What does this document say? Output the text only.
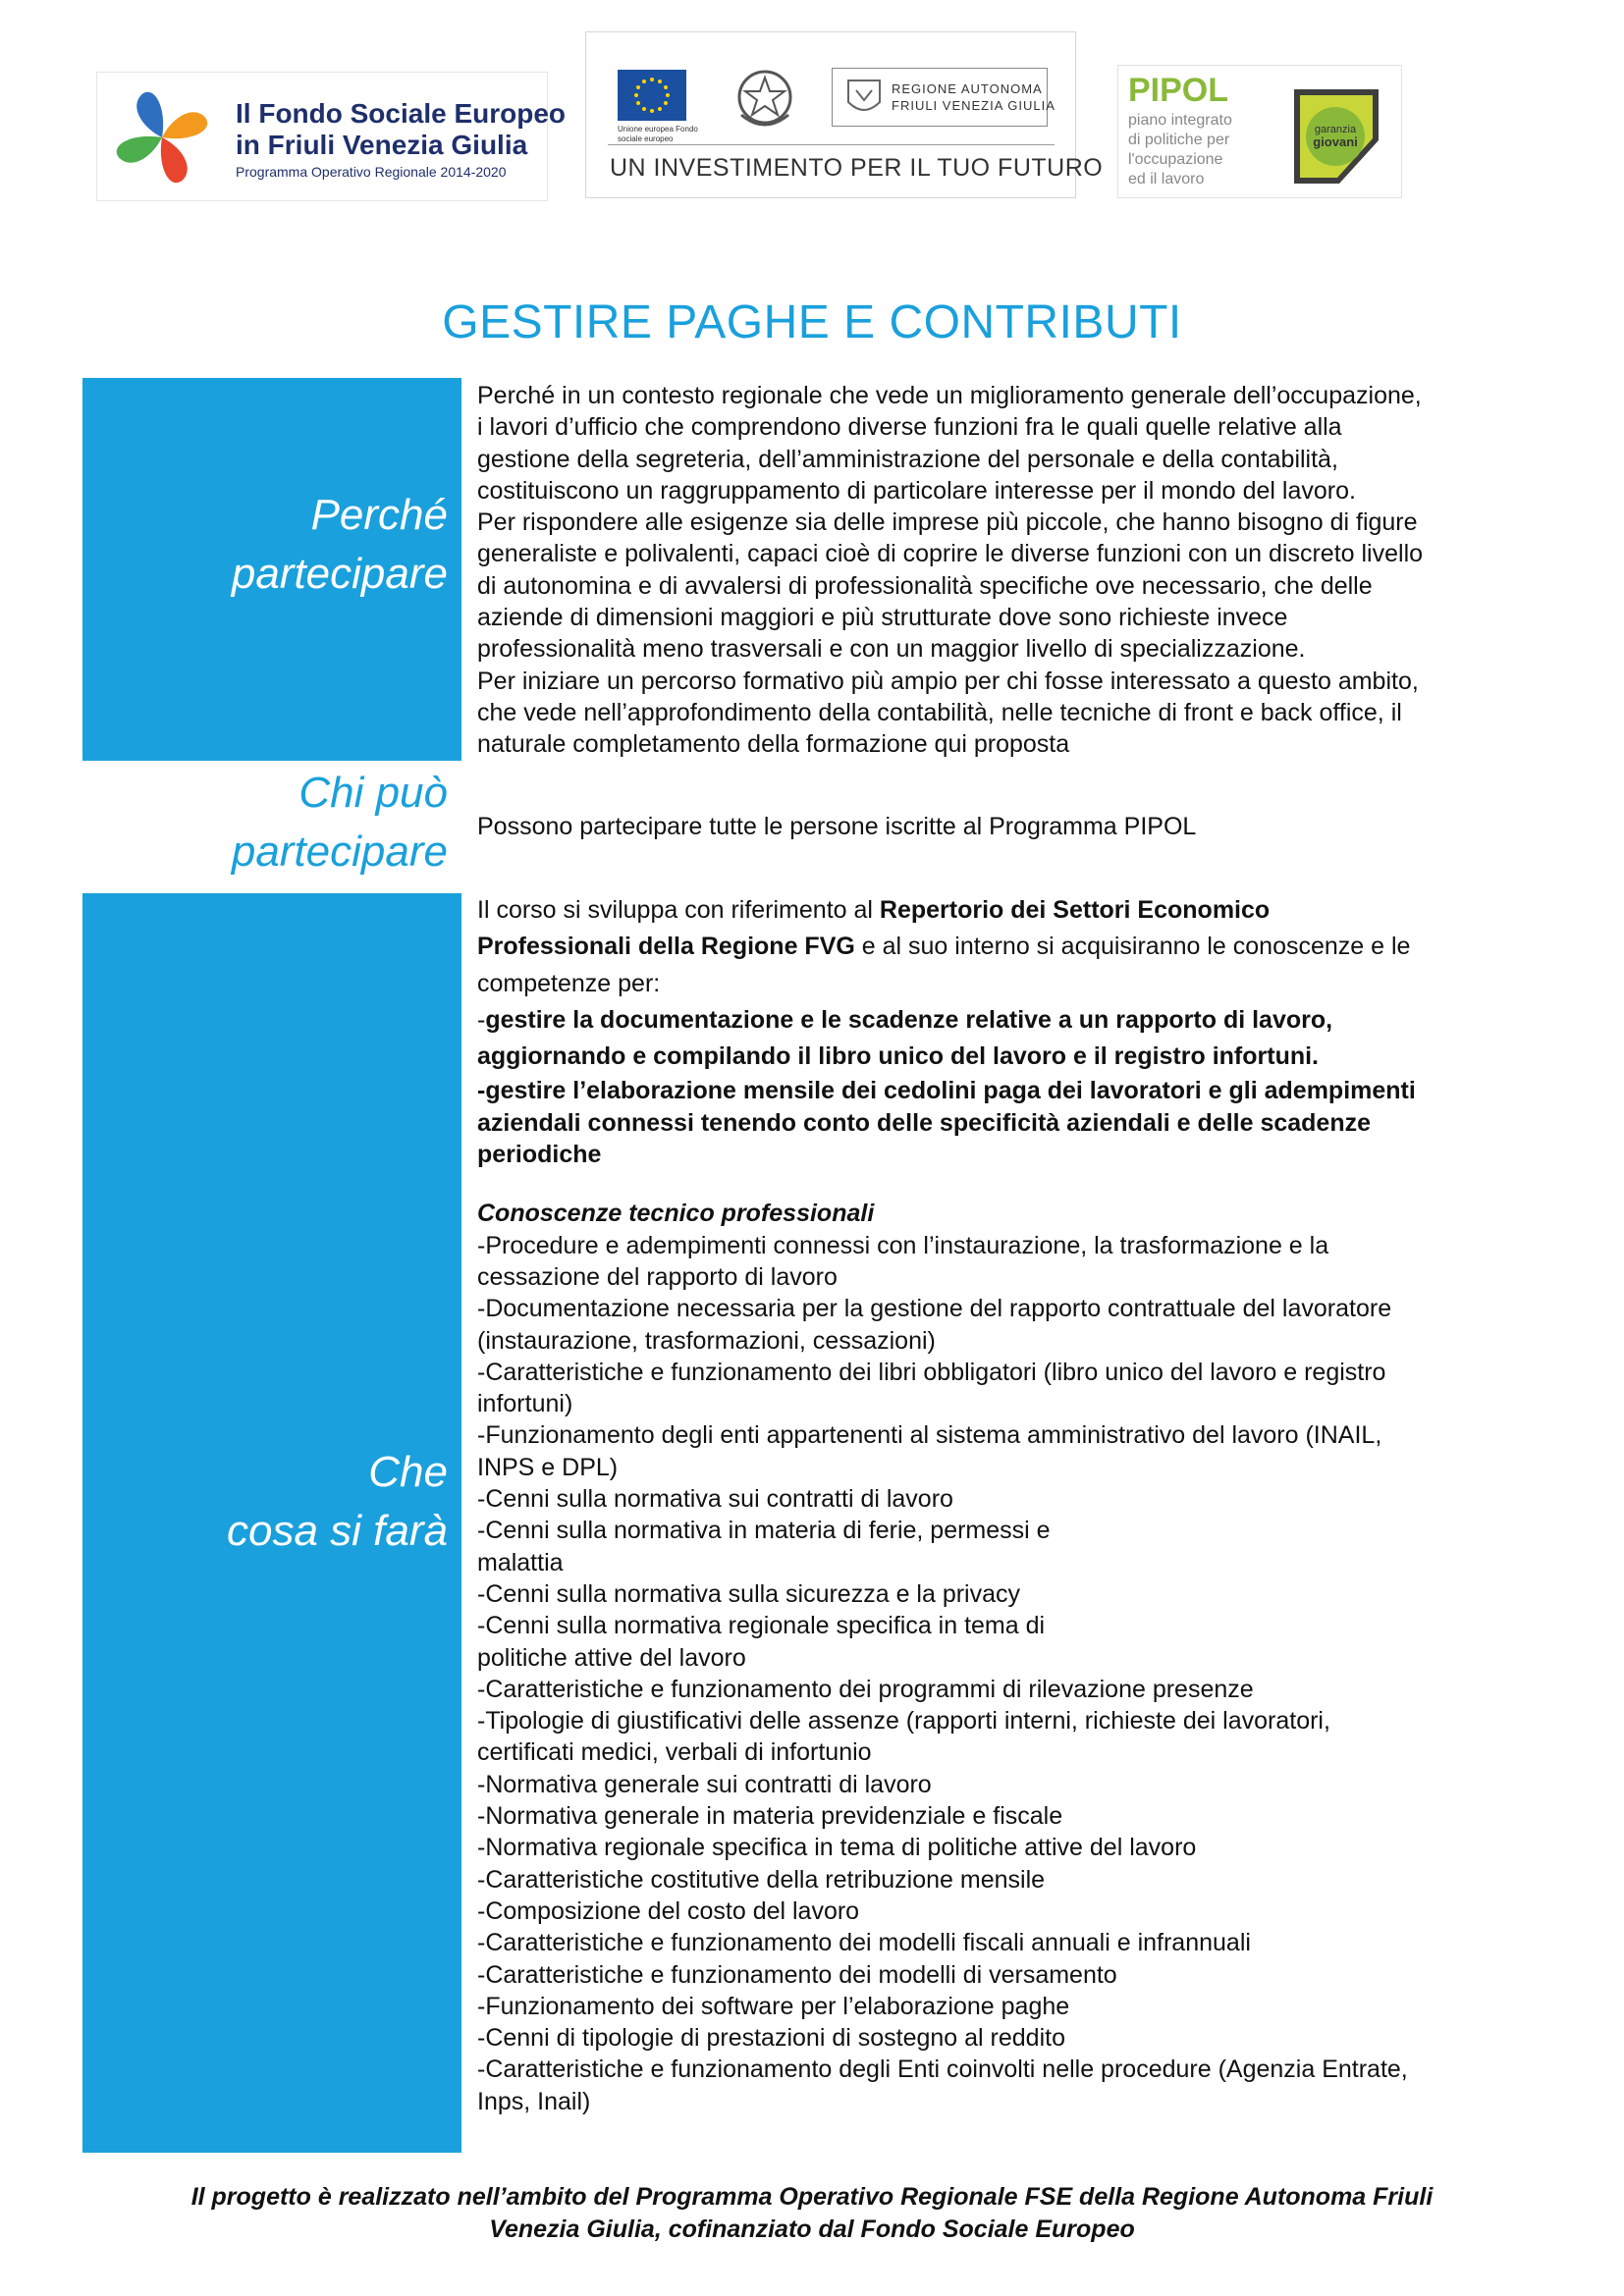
Il Fondo Sociale Europeo
in Friuli Venezia Giulia
Programma Operativo Regionale 2014-2020
Unione europea Fondo sociale europeo
REGIONE AUTONOMA
FRIULI VENEZIA GIULIA
UN INVESTIMENTO PER IL TUO FUTURO
PIPOL
piano integrato
di politiche per
l'occupazione
ed il lavoro
garanzia
giovani
GESTIRE PAGHE E CONTRIBUTI
Perché
partecipare

Perché in un contesto regionale che vede un miglioramento generale dell’occupazione,

i lavori d’ufficio che comprendono diverse funzioni fra le quali quelle relative alla

gestione della segreteria, dell’amministrazione del personale e della contabilità,

costituiscono un raggruppamento di particolare interesse per il mondo del lavoro.

Per rispondere alle esigenze sia delle imprese più piccole, che hanno bisogno di figure

generaliste e polivalenti, capaci cioè di coprire le diverse funzioni con un discreto livello

di autonomina e di avvalersi di professionalità specifiche ove necessario, che delle

aziende di dimensioni maggiori e più strutturate dove sono richieste invece

professionalità meno trasversali e con un maggior livello di specializzazione.

Per iniziare un percorso formativo più ampio per chi fosse interessato a questo ambito,

che vede nell’approfondimento della contabilità, nelle tecniche di front e back office, il

naturale completamento della formazione qui proposta

Chi può
partecipare
Possono partecipare tutte le persone iscritte al Programma PIPOL
Che
cosa si farà

Il corso si sviluppa con riferimento al Repertorio dei Settori Economico

Professionali della Regione FVG e al suo interno si acquisiranno le conoscenze e le

competenze per:

-gestire la documentazione e le scadenze relative a un rapporto di lavoro,

aggiornando e compilando il libro unico del lavoro e il registro infortuni.

-gestire l’elaborazione mensile dei cedolini paga dei lavoratori e gli adempimenti

aziendali connessi tenendo conto delle specificità aziendali e delle scadenze

periodiche

Conoscenze tecnico professionali

-Procedure e adempimenti connessi con l’instaurazione, la trasformazione e la

cessazione del rapporto di lavoro

-Documentazione necessaria per la gestione del rapporto contrattuale del lavoratore

(instaurazione, trasformazioni, cessazioni)

-Caratteristiche e funzionamento dei libri obbligatori (libro unico del lavoro e registro

infortuni)

-Funzionamento degli enti appartenenti al sistema amministrativo del lavoro (INAIL,

INPS e DPL)

-Cenni sulla normativa sui contratti di lavoro

-Cenni sulla normativa in materia di ferie, permessi e

malattia

-Cenni sulla normativa sulla sicurezza e la privacy

-Cenni sulla normativa regionale specifica in tema di

politiche attive del lavoro

-Caratteristiche e funzionamento dei programmi di rilevazione presenze

-Tipologie di giustificativi delle assenze (rapporti interni, richieste dei lavoratori,

certificati medici, verbali di infortunio

-Normativa generale sui contratti di lavoro

-Normativa generale in materia previdenziale e fiscale

-Normativa regionale specifica in tema di politiche attive del lavoro

-Caratteristiche costitutive della retribuzione mensile

-Composizione del costo del lavoro

-Caratteristiche e funzionamento dei modelli fiscali annuali e infrannuali

-Caratteristiche e funzionamento dei modelli di versamento

-Funzionamento dei software per l’elaborazione paghe

-Cenni di tipologie di prestazioni di sostegno al reddito

-Caratteristiche e funzionamento degli Enti coinvolti nelle procedure (Agenzia Entrate,

Inps, Inail)

Il progetto è realizzato nell’ambito del Programma Operativo Regionale FSE della Regione Autonoma Friuli
Venezia Giulia, cofinanziato dal Fondo Sociale Europeo
